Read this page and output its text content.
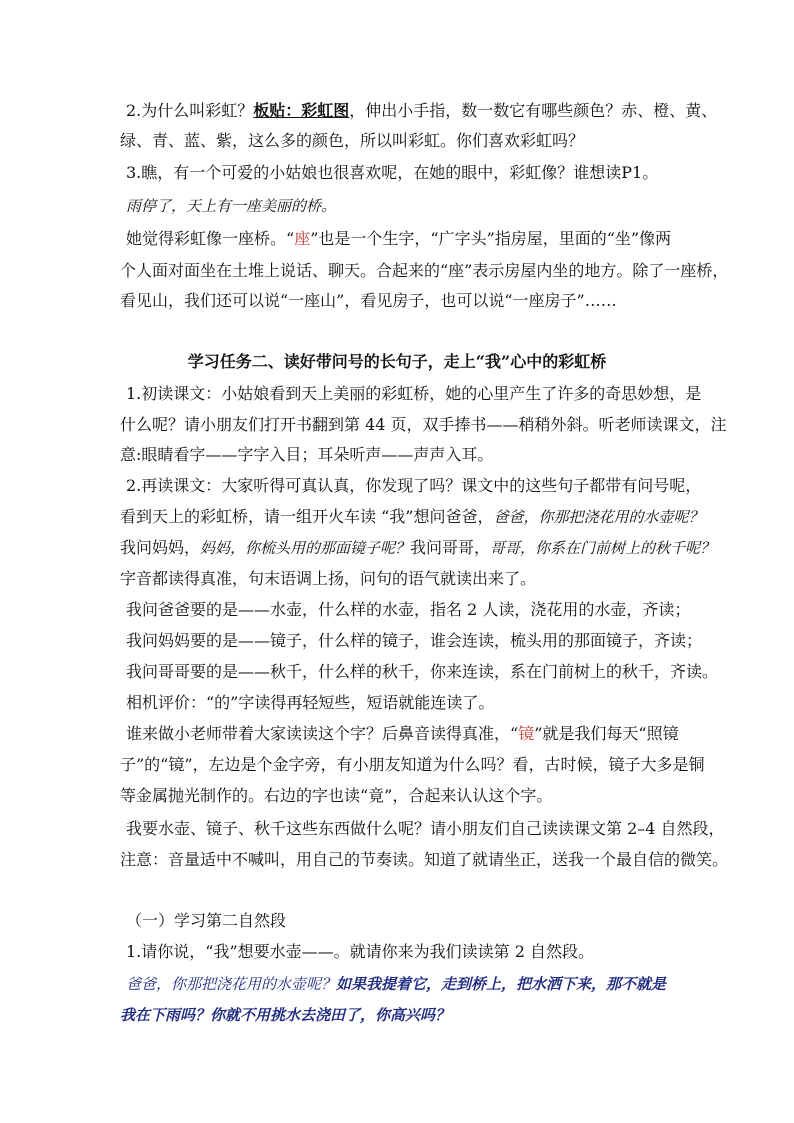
2.为什么叫彩虹？板贴：彩虹图，伸出小手指，数一数它有哪些颜色？赤、橙、黄、
绿、青、蓝、紫，这么多的颜色，所以叫彩虹。你们喜欢彩虹吗？
3.瞧，有一个可爱的小姑娘也很喜欢呢，在她的眼中，彩虹像？谁想读P1。
雨停了，天上有一座美丽的桥。
她觉得彩虹像一座桥。“座”也是一个生字，“广字头”指房屋，里面的“坐”像两
个人面对面坐在土堆上说话、聊天。合起来的“座”表示房屋内坐的地方。除了一座桥，
看见山，我们还可以说“一座山”，看见房子，也可以说“一座房子”……
学习任务二、读好带问号的长句子，走上“我”心中的彩虹桥
1.初读课文：小姑娘看到天上美丽的彩虹桥，她的心里产生了许多的奇思妙想，是
什么呢？请小朋友们打开书翻到第 44 页，双手捧书——稍稍外斜。听老师读课文，注
意:眼睛看字——字字入目；耳朵听声——声声入耳。
2.再读课文：大家听得可真认真，你发现了吗？课文中的这些句子都带有问号呢，
看到天上的彩虹桥，请一组开火车读 “我”想问爸爸，爸爸，你那把浇花用的水壶呢？
我问妈妈，妈妈，你梳头用的那面镜子呢？我问哥哥，哥哥，你系在门前树上的秋千呢？
字音都读得真准，句末语调上扬，问句的语气就读出来了。
我问爸爸要的是——水壶，什么样的水壶，指名 2 人读，浇花用的水壶，齐读；
我问妈妈要的是——镜子，什么样的镜子，谁会连读，梳头用的那面镜子，齐读；
我问哥哥要的是——秋千，什么样的秋千，你来连读，系在门前树上的秋千，齐读。
相机评价：“的”字读得再轻短些，短语就能连读了。
谁来做小老师带着大家读读这个字？后鼻音读得真准，“镜”就是我们每天“照镜
子”的“镜”，左边是个金字旁，有小朋友知道为什么吗？看，古时候，镜子大多是铜
等金属抛光制作的。右边的字也读“竟”，合起来认认这个字。
我要水壶、镜子、秋千这些东西做什么呢？请小朋友们自己读读课文第 2–4 自然段，
注意：音量适中不喊叫，用自己的节奏读。知道了就请坐正，送我一个最自信的微笑。
（一）学习第二自然段
1.请你说，“我”想要水壶——。就请你来为我们读读第 2 自然段。
爸爸，你那把浇花用的水壶呢？如果我提着它，走到桥上，把水洒下来，那不就是
我在下雨吗？你就不用挑水去浇田了，你高兴吗？
